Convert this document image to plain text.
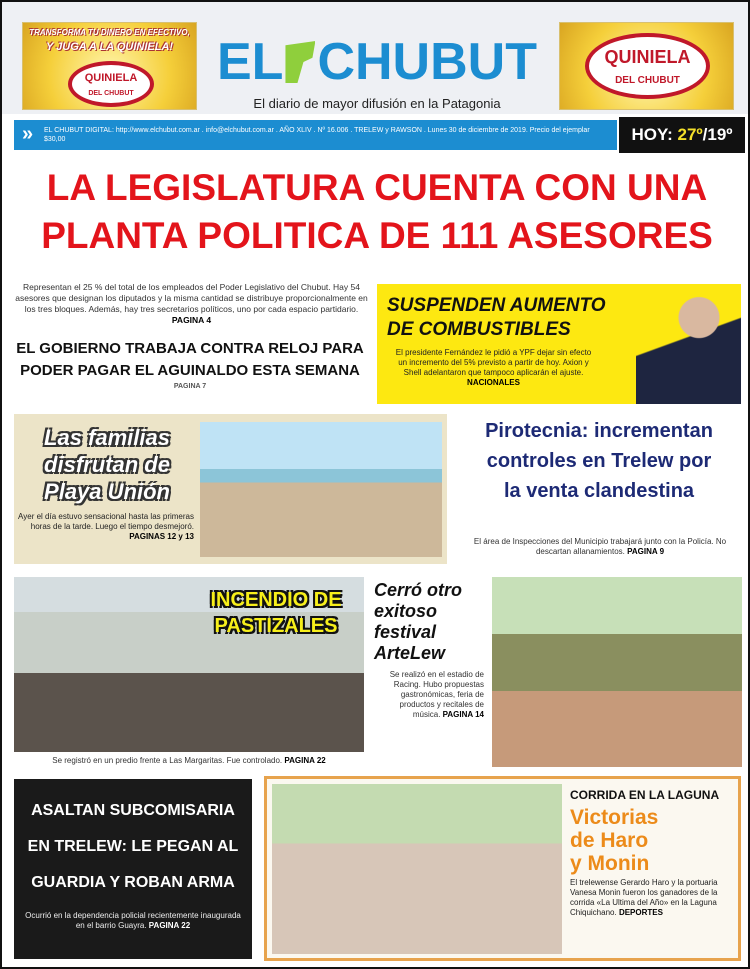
TRANSFORMA TU DINERO EN EFECTIVO,
Y JUGA A LA QUINIELA!
QUINIELA
DEL CHUBUT
QUINIELA
DEL CHUBUT
EL CHUBUT
El diario de mayor difusión en la Patagonia
» EL CHUBUT DIGITAL: http://www.elchubut.com.ar . info@elchubut.com.ar . AÑO XLIV . Nº 16.006 . TRELEW y RAWSON . Lunes 30 de diciembre de 2019. Precio del ejemplar $30,00	HOY: 27º/19º
LA LEGISLATURA CUENTA CON UNA
PLANTA POLITICA DE 111 ASESORES
Representan el 25 % del total de los empleados del Poder Legislativo del Chubut. Hay 54 asesores que designan los diputados y la misma cantidad se distribuye proporcionalmente en los tres bloques. Además, hay tres secretarios políticos, uno por cada espacio partidario. PAGINA 4
EL GOBIERNO TRABAJA CONTRA RELOJ PARA
PODER PAGAR EL AGUINALDO ESTA SEMANA
PAGINA 7
SUSPENDEN AUMENTO
DE COMBUSTIBLES

El presidente Fernández le pidió a YPF dejar sin efecto un incremento del 5% previsto a partir de hoy. Axion y Shell adelantaron que tampoco aplicarán el ajuste. NACIONALES

Las familias
disfrutan de
Playa Unión
Ayer el día estuvo sensacional hasta las primeras horas de la tarde. Luego el tiempo desmejoró. PAGINAS 12 y 13
Pirotecnia: incrementan
controles en Trelew por
la venta clandestina
El área de Inspecciones del Municipio trabajará junto con la Policía. No descartan allanamientos. PAGINA 9
INCENDIO DE
PASTIZALES
Se registró en un predio frente a Las Margaritas. Fue controlado. PAGINA 22
Cerró otro
exitoso
festival
ArteLew
Se realizó en el estadio de Racing. Hubo propuestas gastronómicas, feria de productos y recitales de música. PAGINA 14
ASALTAN SUBCOMISARIA
EN TRELEW: LE PEGAN AL
GUARDIA Y ROBAN ARMA

Ocurrió en la dependencia policial recientemente inaugurada en el barrio Guayra. PAGINA 22

CORRIDA EN LA LAGUNA
Victorias
de Haro
y Monin
El trelewense Gerardo Haro y la portuaria Vanesa Monin fueron los ganadores de la corrida «La Ultima del Año» en la Laguna Chiquichano. DEPORTES
